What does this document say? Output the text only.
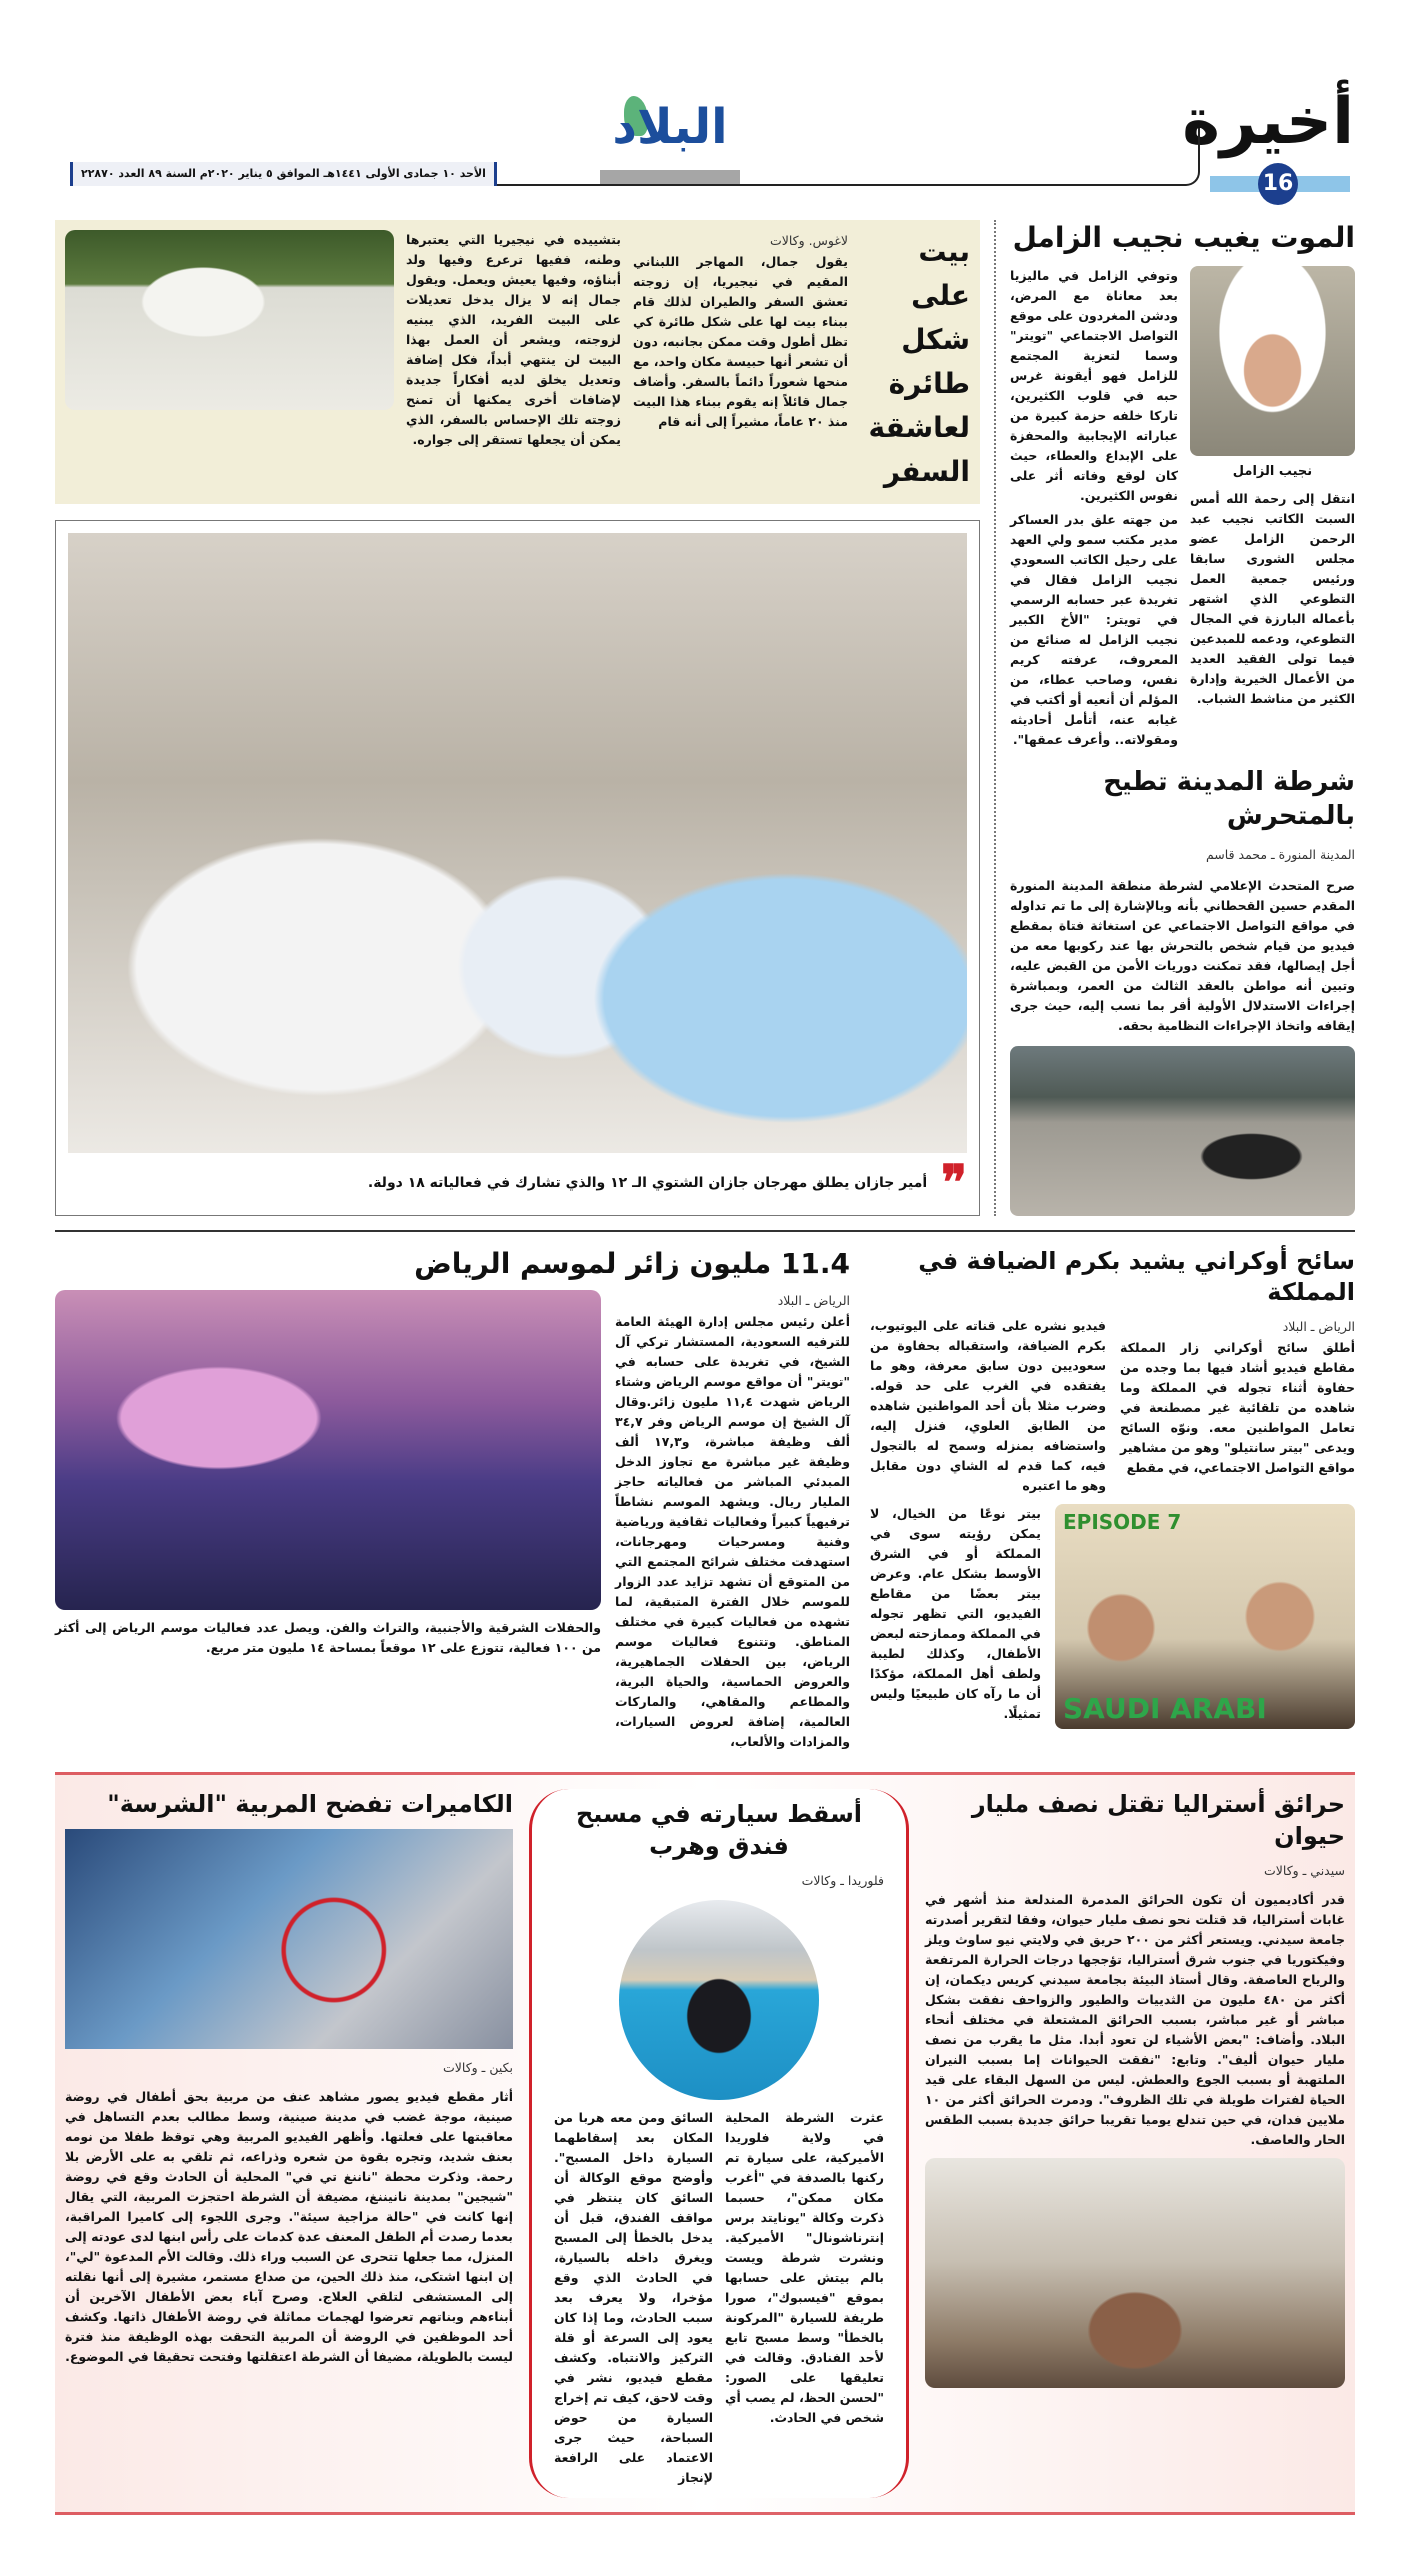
أخيرة
16
البلاد
الأحد ١٠ جمادى الأولى ١٤٤١هـ الموافق ٥ يناير ٢٠٢٠م السنة ٨٩ العدد ٢٢٨٧٠
الموت يغيب نجيب الزامل
نجيب الزامل
انتقل إلى رحمة الله أمس السبت الكاتب نجيب عبد الرحمن الزامل عضو مجلس الشورى سابقا ورئيس جمعية العمل التطوعي الذي اشتهر بأعماله البارزة في المجال التطوعي، ودعمه للمبدعين فيما تولى الفقيد العديد من الأعمال الخيرية وإدارة الكثير من مناشط الشباب.
وتوفي الزامل في ماليزيا بعد معاناة مع المرض، ودشن المغردون على موقع التواصل الاجتماعي "تويتر" وسما لتعزية المجتمع للزامل فهو أيقونة غرس حبه في قلوب الكثيرين، تاركا خلفه حزمة كبيرة من عباراته الإيجابية والمحفزة على الإبداع والعطاء، حيث كان لوقع وفاته أثر على نفوس الكثيرين.
من جهته علق بدر العساكر مدير مكتب سمو ولي العهد على رحيل الكاتب السعودي نجيب الزامل فقال في تغريدة عبر حسابه الرسمي في تويتر: "الأخ الكبير نجيب الزامل له صنائع من المعروف، عرفته كريم نفس، وصاحب عطاء، من المؤلم أن أنعيه أو أكتب في غيابه عنه، أتأمل أحاديثه ومقولاته.. وأعرف عمقها".
شرطة المدينة تطيح بالمتحرش
المدينة المنورة ـ محمد قاسم
صرح المتحدث الإعلامي لشرطة منطقة المدينة المنورة المقدم حسين القحطاني بأنه وبالإشارة إلى ما تم تداوله في مواقع التواصل الاجتماعي عن استغاثة فتاة بمقطع فيديو من قيام شخص بالتحرش بها عند ركوبها معه من أجل إيصالها، فقد تمكنت دوريات الأمن من القبض عليه، وتبين أنه مواطن بالعقد الثالث من العمر، وبمباشرة إجراءات الاستدلال الأولية أقر بما نسب إليه، حيث جرى إيقافه واتخاذ الإجراءات النظامية بحقه.
بيت على شكل طائرة لعاشقة السفر
لاغوس. وكالات
يقول جمال، المهاجر اللبناني المقيم في نيجيريا، إن زوجته تعشق السفر والطيران لذلك قام ببناء بيت لها على شكل طائرة كي تظل أطول وقت ممكن بجانبه، دون أن تشعر أنها حبيسة مكان واحد، مع منحها شعوراً دائماً بالسفر. وأضاف جمال قائلاً إنه يقوم ببناء هذا البيت منذ ٢٠ عاماً، مشيراً إلى أنه قام
بتشييده في نيجيريا التي يعتبرها وطنه، ففيها ترعرع وفيها ولد أبناؤه، وفيها يعيش ويعمل. ويقول جمال إنه لا يزال يدخل تعديلات على البيت الفريد، الذي يبنيه لزوجته، ويشعر أن العمل بهذا البيت لن ينتهي أبداً، فكل إضافة وتعديل يخلق لديه أفكاراً جديدة لإضافات أخرى يمكنها أن تمنح زوجته تلك الإحساس بالسفر، الذي يمكن أن يجعلها تستقر إلى جواره.
❞
أمير جازان يطلق مهرجان جازان الشتوي الـ ١٢ والذي تشارك في فعالياته ١٨ دولة.
سائح أوكراني يشيد بكرم الضيافة في المملكة
الرياض ـ البلاد
أطلق سائح أوكراني زار المملكة مقاطع فيديو أشاد فيها بما وجده من حفاوة أثناء تجوله في المملكة وما شاهده من تلقائية غير مصطنعة في تعامل المواطنين معه. ونوّه السائح ويدعى "بيتر سانتيلو" وهو من مشاهير مواقع التواصل الاجتماعي، في مقطع
فيديو نشره على قناته على اليوتيوب، بكرم الضيافة، واستقباله بحفاوة من سعوديين دون سابق معرفة، وهو ما يفتقده في الغرب على حد قوله. وضرب مثلا بأن أحد المواطنين شاهده من الطابق العلوي، فنزل إليه، واستضافه بمنزله وسمح له بالتجول فيه، كما قدم له الشاي دون مقابل وهو ما اعتبره
EPISODE 7
SAUDI ARABI
بيتر نوعًا من الخيال، لا يمكن رؤيته سوى في المملكة أو في الشرق الأوسط بشكل عام. وعرض بيتر بعضًا من مقاطع الفيديو، التي تظهر تجوله في المملكة وممازحته لبعض الأطفال، وكذلك لطيبة ولطف أهل المملكة، مؤكدًا أن ما رآه كان طبيعيًا وليس تمثيلًا.
11.4 مليون زائر لموسم الرياض
الرياض ـ البلاد
أعلن رئيس مجلس إدارة الهيئة العامة للترفيه السعودية، المستشار تركي آل الشيخ، في تغريدة على حسابه في "تويتر" أن مواقع موسم الرياض وشتاء الرياض شهدت ١١,٤ مليون زائر.وقال آل الشيخ إن موسم الرياض وفر ٣٤,٧ ألف وظيفة مباشرة، و١٧,٣ ألف وظيفة غير مباشرة مع تجاوز الدخل المبدئي المباشر من فعالياته حاجز المليار ريال. ويشهد الموسم نشاطاً ترفيهياً كبيراً وفعاليات ثقافية ورياضية وفنية ومسرحيات ومهرجانات، استهدفت مختلف شرائح المجتمع التي من المتوقع أن تشهد تزايد عدد الزوار للموسم خلال الفترة المتبقية، لما تشهده من فعاليات كبيرة في مختلف المناطق. وتتنوع فعاليات موسم الرياض، بين الحفلات الجماهيرية، والعروض الحماسية، والحياة البرية، والمطاعم والمقاهي، والماركات العالمية، إضافة لعروض السيارات، والمزادات والألعاب،
والحفلات الشرقية والأجنبية، والتراث والفن. ويصل عدد فعاليات موسم الرياض إلى أكثر من ١٠٠ فعالية، تتوزع على ١٢ موقعاً بمساحة ١٤ مليون متر مربع.
حرائق أستراليا تقتل نصف مليار حيوان
سيدني ـ وكالات
قدر أكاديميون أن تكون الحرائق المدمرة المندلعة منذ أشهر في غابات أستراليا، قد قتلت نحو نصف مليار حيوان، وفقا لتقرير أصدرته جامعة سيدني. ويستعر أكثر من ٢٠٠ حريق في ولايتي نيو ساوث ويلز وفيكتوريا في جنوب شرق أستراليا، تؤججها درجات الحرارة المرتفعة والرياح العاصفة. وقال أستاذ البيئة بجامعة سيدني كريس ديكمان، إن أكثر من ٤٨٠ مليون من الثدييات والطيور والزواحف نفقت بشكل مباشر أو غير مباشر، بسبب الحرائق المشتعلة في مختلف أنحاء البلاد. وأضاف: "بعض الأشياء لن تعود أبدا. مثل ما يقرب من نصف مليار حيوان أليف". وتابع: "نفقت الحيوانات إما بسبب النيران الملتهبة أو بسبب الجوع والعطش. ليس من السهل البقاء على قيد الحياة لفترات طويلة في تلك الظروف". ودمرت الحرائق أكثر من ١٠ ملايين فدان، في حين تندلع يوميا تقريبا حرائق جديدة بسبب الطقس الحار والعاصف.
أسقط سيارته في مسبح فندق وهرب
فلوريدا ـ وكالات
عثرت الشرطة المحلية في ولاية فلوريدا الأميركية، على سيارة تم ركنها بالصدفة في "أغرب مكان ممكن"، حسبما ذكرت وكالة "يونايتد برس إنترناشونال" الأميركية. ونشرت شرطة ويست بالم بيتش على حسابها بموقع "فيسبوك"، صورا طريفة للسيارة "المركونة بالخطأ" وسط مسبح تابع لأحد الفنادق. وقالت في تعليقها على الصور: "لحسن الحظ، لم يصب أي شخص في الحادث.
السائق ومن معه هربا من المكان بعد إسقاطهما السيارة داخل المسبح". وأوضح موقع الوكالة أن السائق كان ينتظر في مواقف الفندق، قبل أن يدخل بالخطأ إلى المسبح ويغرق داخله بالسيارة، في الحادث الذي وقع مؤخرا، ولا يعرف بعد سبب الحادث، وما إذا كان يعود إلى السرعة أو قلة التركيز والانتباه. وكشف مقطع فيديو، نشر في وقت لاحق، كيف تم إخراج السيارة من حوض السباحة، حيث جرى الاعتماد على الرافعة لإنجاز
الكاميرات تفضح المربية "الشرسة"
بكين ـ وكالات
أثار مقطع فيديو يصور مشاهد عنف من مربية بحق أطفال في روضة صينية، موجة غضب في مدينة صينية، وسط مطالب بعدم التساهل في معاقبتها على فعلتها. وأظهر الفيديو المربية وهي توقظ طفلا من نومه بعنف شديد، وتجره بقوة من شعره وذراعه، ثم تلقي به على الأرض بلا رحمة. وذكرت محطة "ناننغ تي في" المحلية أن الحادث وقع في روضة "شيجين" بمدينة نانيننغ، مضيفة أن الشرطة احتجزت المربية، التي يقال إنها كانت في "حالة مزاجية سيئة". وجرى اللجوء إلى كاميرا المراقبة، بعدما رصدت أم الطفل المعنف عدة كدمات على رأس ابنها لدى عودته إلى المنزل، مما جعلها تتحرى عن السبب وراء ذلك. وقالت الأم المدعوة "لي"، إن ابنها اشتكى، منذ ذلك الحين، من صداع مستمر، مشيرة إلى أنها نقلته إلى المستشفى لتلقي العلاج. وصرح آباء بعض الأطفال الآخرين أن أبناءهم وبناتهم تعرضوا لهجمات مماثلة في روضة الأطفال ذاتها. وكشف أحد الموظفين في الروضة أن المربية التحقت بهذه الوظيفة منذ فترة ليست بالطويلة، مضيفا أن الشرطة اعتقلتها وفتحت تحقيقا في الموضوع.
